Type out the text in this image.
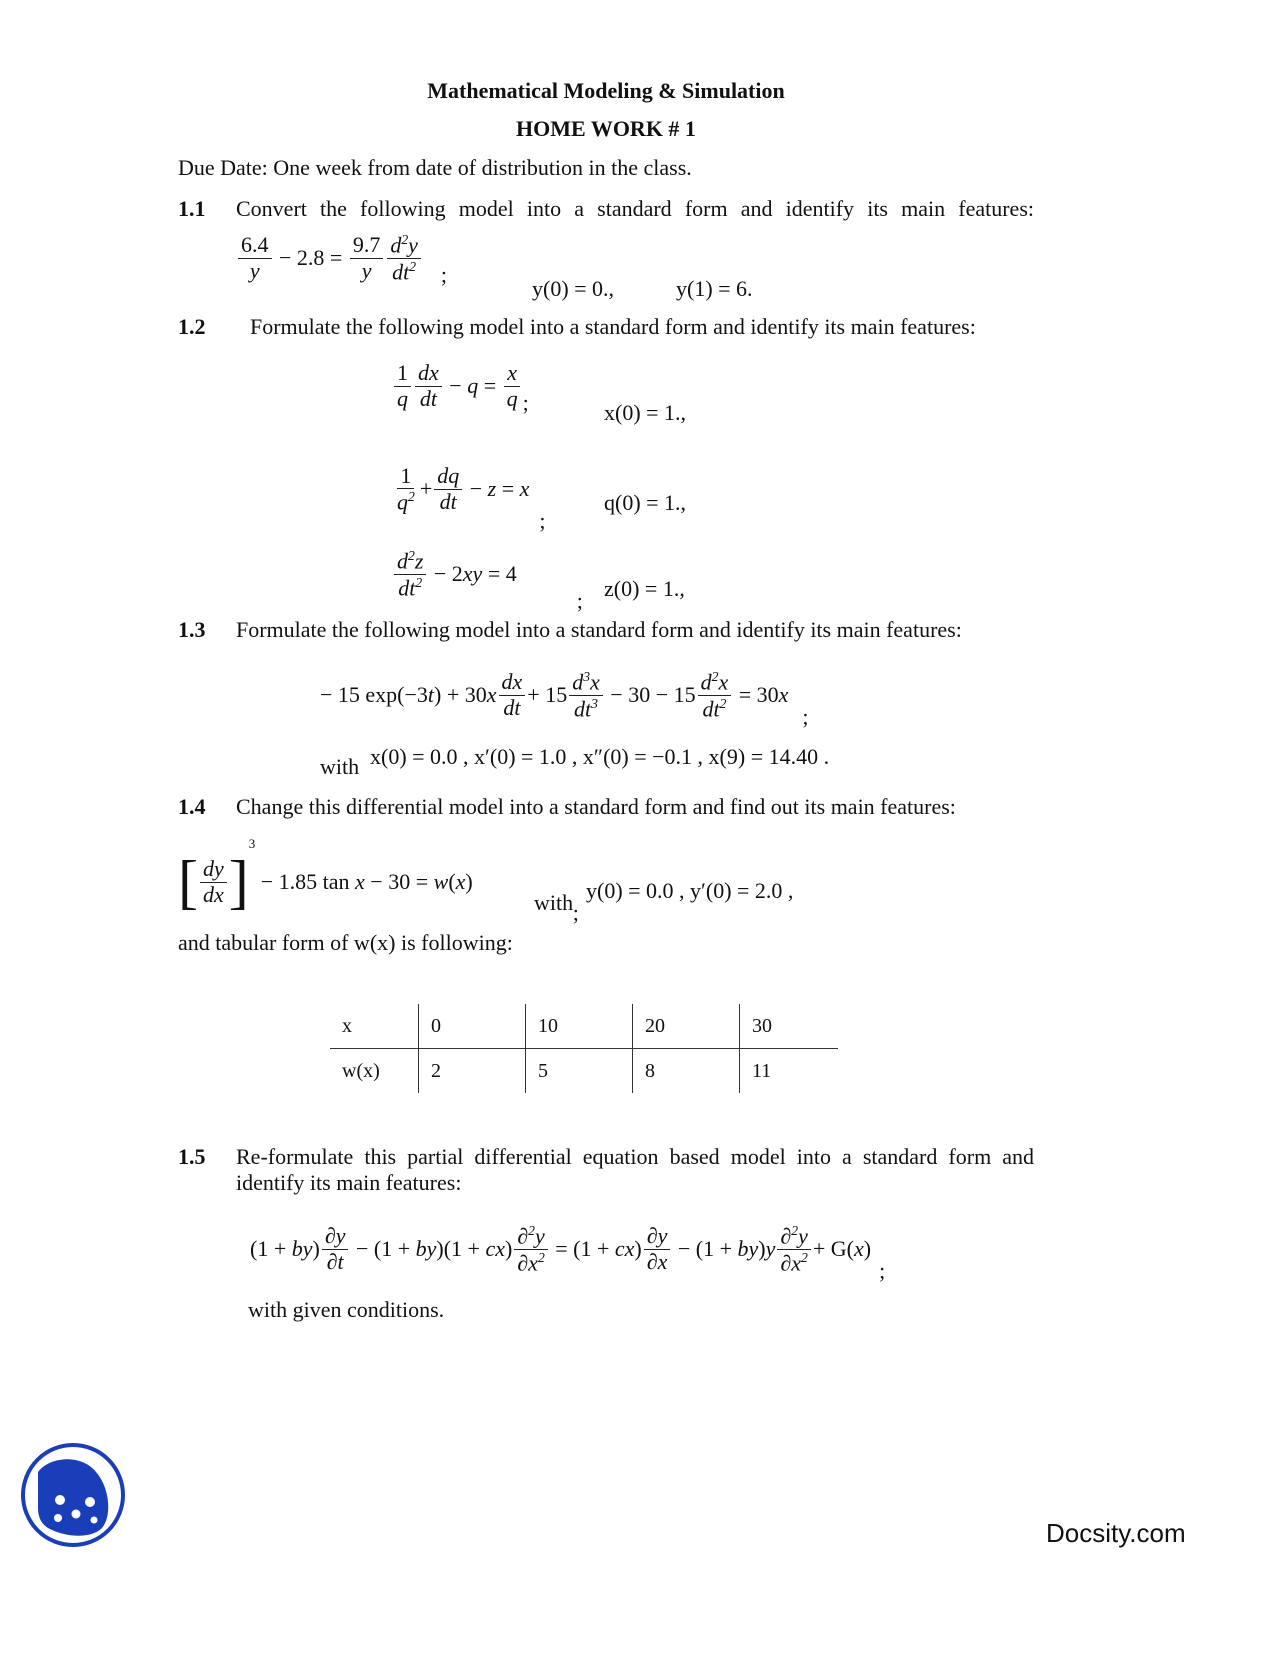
Mathematical Modeling & Simulation
HOME WORK # 1
Due Date: One week from date of distribution in the class.
1.1 Convert the following model into a standard form and identify its main features:
$\frac{6.4}{y} - 2.8 = \frac{9.7}{y} \frac{d^2y}{dt^2}$ ;
y(0) = 0.,	y(1) = 6.
1.2 Formulate the following model into a standard form and identify its main features:
$\frac{1}{q} \frac{dx}{dt} - q = \frac{x}{q}$ ;	x(0) = 1.,
$\frac{1}{q^2} + \frac{dq}{dt} - z = x$
;
q(0) = 1.,
$\frac{d^2z}{dt^2} - 2xy = 4$
; z(0) = 1.,
1.3 Formulate the following model into a standard form and identify its main features:
− 15 $\exp(-3t) + 30x \frac{dx}{dt} + 15 \frac{d^3x}{dt^3} - 30 - 15 \frac{d^2x}{dt^2} = 30x$
;
with x(0) = 0.0 , x′(0) = 1.0 , x″(0) = −0.1 , x(9) = 14.40 .
1.4 Change this differential model into a standard form and find out its main features:
[ $\frac{dy}{dx}$ ]
3
− 1.85 tan x − 30 = w(x)
;
with y(0) = 0.0 , y′(0) = 2.0 ,
and tabular form of w(x) is following:
x	0	10	20	30
w(x)	2	5	8	11
1.5 Re-formulate this partial differential equation based model into a standard form and
identify its main features:
$(1 + by) \frac{\partial y}{\partial t} - (1 + by)(1 + cx) \frac{\partial^2y}{\partial x^2} = (1 + cx) \frac{\partial y}{\partial x} - (1 + by)y \frac{\partial^2y}{\partial x^2} + G(x)$
;
with given conditions.
Docsity.com
